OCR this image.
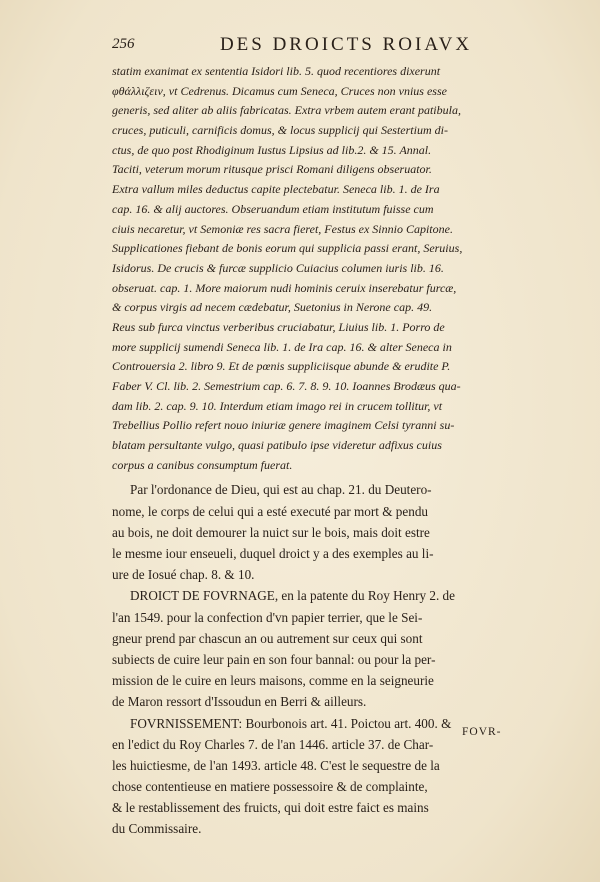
256	DES DROICTS ROIAVX
statim exanimat ex sententia Isidori lib. 5. quod recentiores dixerunt
φθάλλιζειν, vt Cedrenus. Dicamus cum Seneca, Cruces non vnius esse
generis, sed aliter ab aliis fabricatas. Extra vrbem autem erant patibula,
cruces, puticuli, carnificis domus, & locus supplicij qui Sestertium di-
ctus, de quo post Rhodiginum Iustus Lipsius ad lib.2. & 15. Annal.
Taciti, veterum morum ritusque prisci Romani diligens obseruator.
Extra vallum miles deductus capite plectebatur. Seneca lib. 1. de Ira
cap. 16. & alij auctores. Obseruandum etiam institutum fuisse cum
ciuis necaretur, vt Semoniæ res sacra fieret, Festus ex Sinnio Capitone.
Supplicationes fiebant de bonis eorum qui supplicia passi erant, Seruius,
Isidorus. De crucis & furcæ supplicio Cuiacius columen iuris lib. 16.
obseruat. cap. 1. More maiorum nudi hominis ceruix inserebatur furcæ,
& corpus virgis ad necem cædebatur, Suetonius in Nerone cap. 49.
Reus sub furca vinctus verberibus cruciabatur, Liuius lib. 1. Porro de
more supplicij sumendi Seneca lib. 1. de Ira cap. 16. & alter Seneca in
Controuersia 2. libro 9. Et de pœnis suppliciisque abunde & erudite P.
Faber V. Cl. lib. 2. Semestrium cap. 6. 7. 8. 9. 10. Ioannes Brodæus qua-
dam lib. 2. cap. 9. 10. Interdum etiam imago rei in crucem tollitur, vt
Trebellius Pollio refert nouo iniuriæ genere imaginem Celsi tyranni su-
blatam persultante vulgo, quasi patibulo ipse videretur adfixus cuius
corpus a canibus consumptum fuerat.
Par l'ordonance de Dieu, qui est au chap. 21. du Deutero-
nome, le corps de celui qui a esté executé par mort & pendu
au bois, ne doit demourer la nuict sur le bois, mais doit estre
le mesme iour enseueli, duquel droict y a des exemples au li-
ure de Iosué chap. 8. & 10.
DROICT DE FOVRNAGE, en la patente du Roy Henry 2. de
l'an 1549. pour la confection d'vn papier terrier, que le Sei-
gneur prend par chascun an ou autrement sur ceux qui sont
subiects de cuire leur pain en son four bannal: ou pour la per-
mission de le cuire en leurs maisons, comme en la seigneurie
de Maron ressort d'Issoudun en Berri & ailleurs.
FOVRNISSEMENT: Bourbonois art. 41. Poictou art. 400. &
en l'edict du Roy Charles 7. de l'an 1446. article 37. de Char-
les huictiesme, de l'an 1493. article 48. C'est le sequestre de la
chose contentieuse en matiere possessoire & de complainte,
& le restablissement des fruicts, qui doit estre faict es mains
du Commissaire.
FOVR-
